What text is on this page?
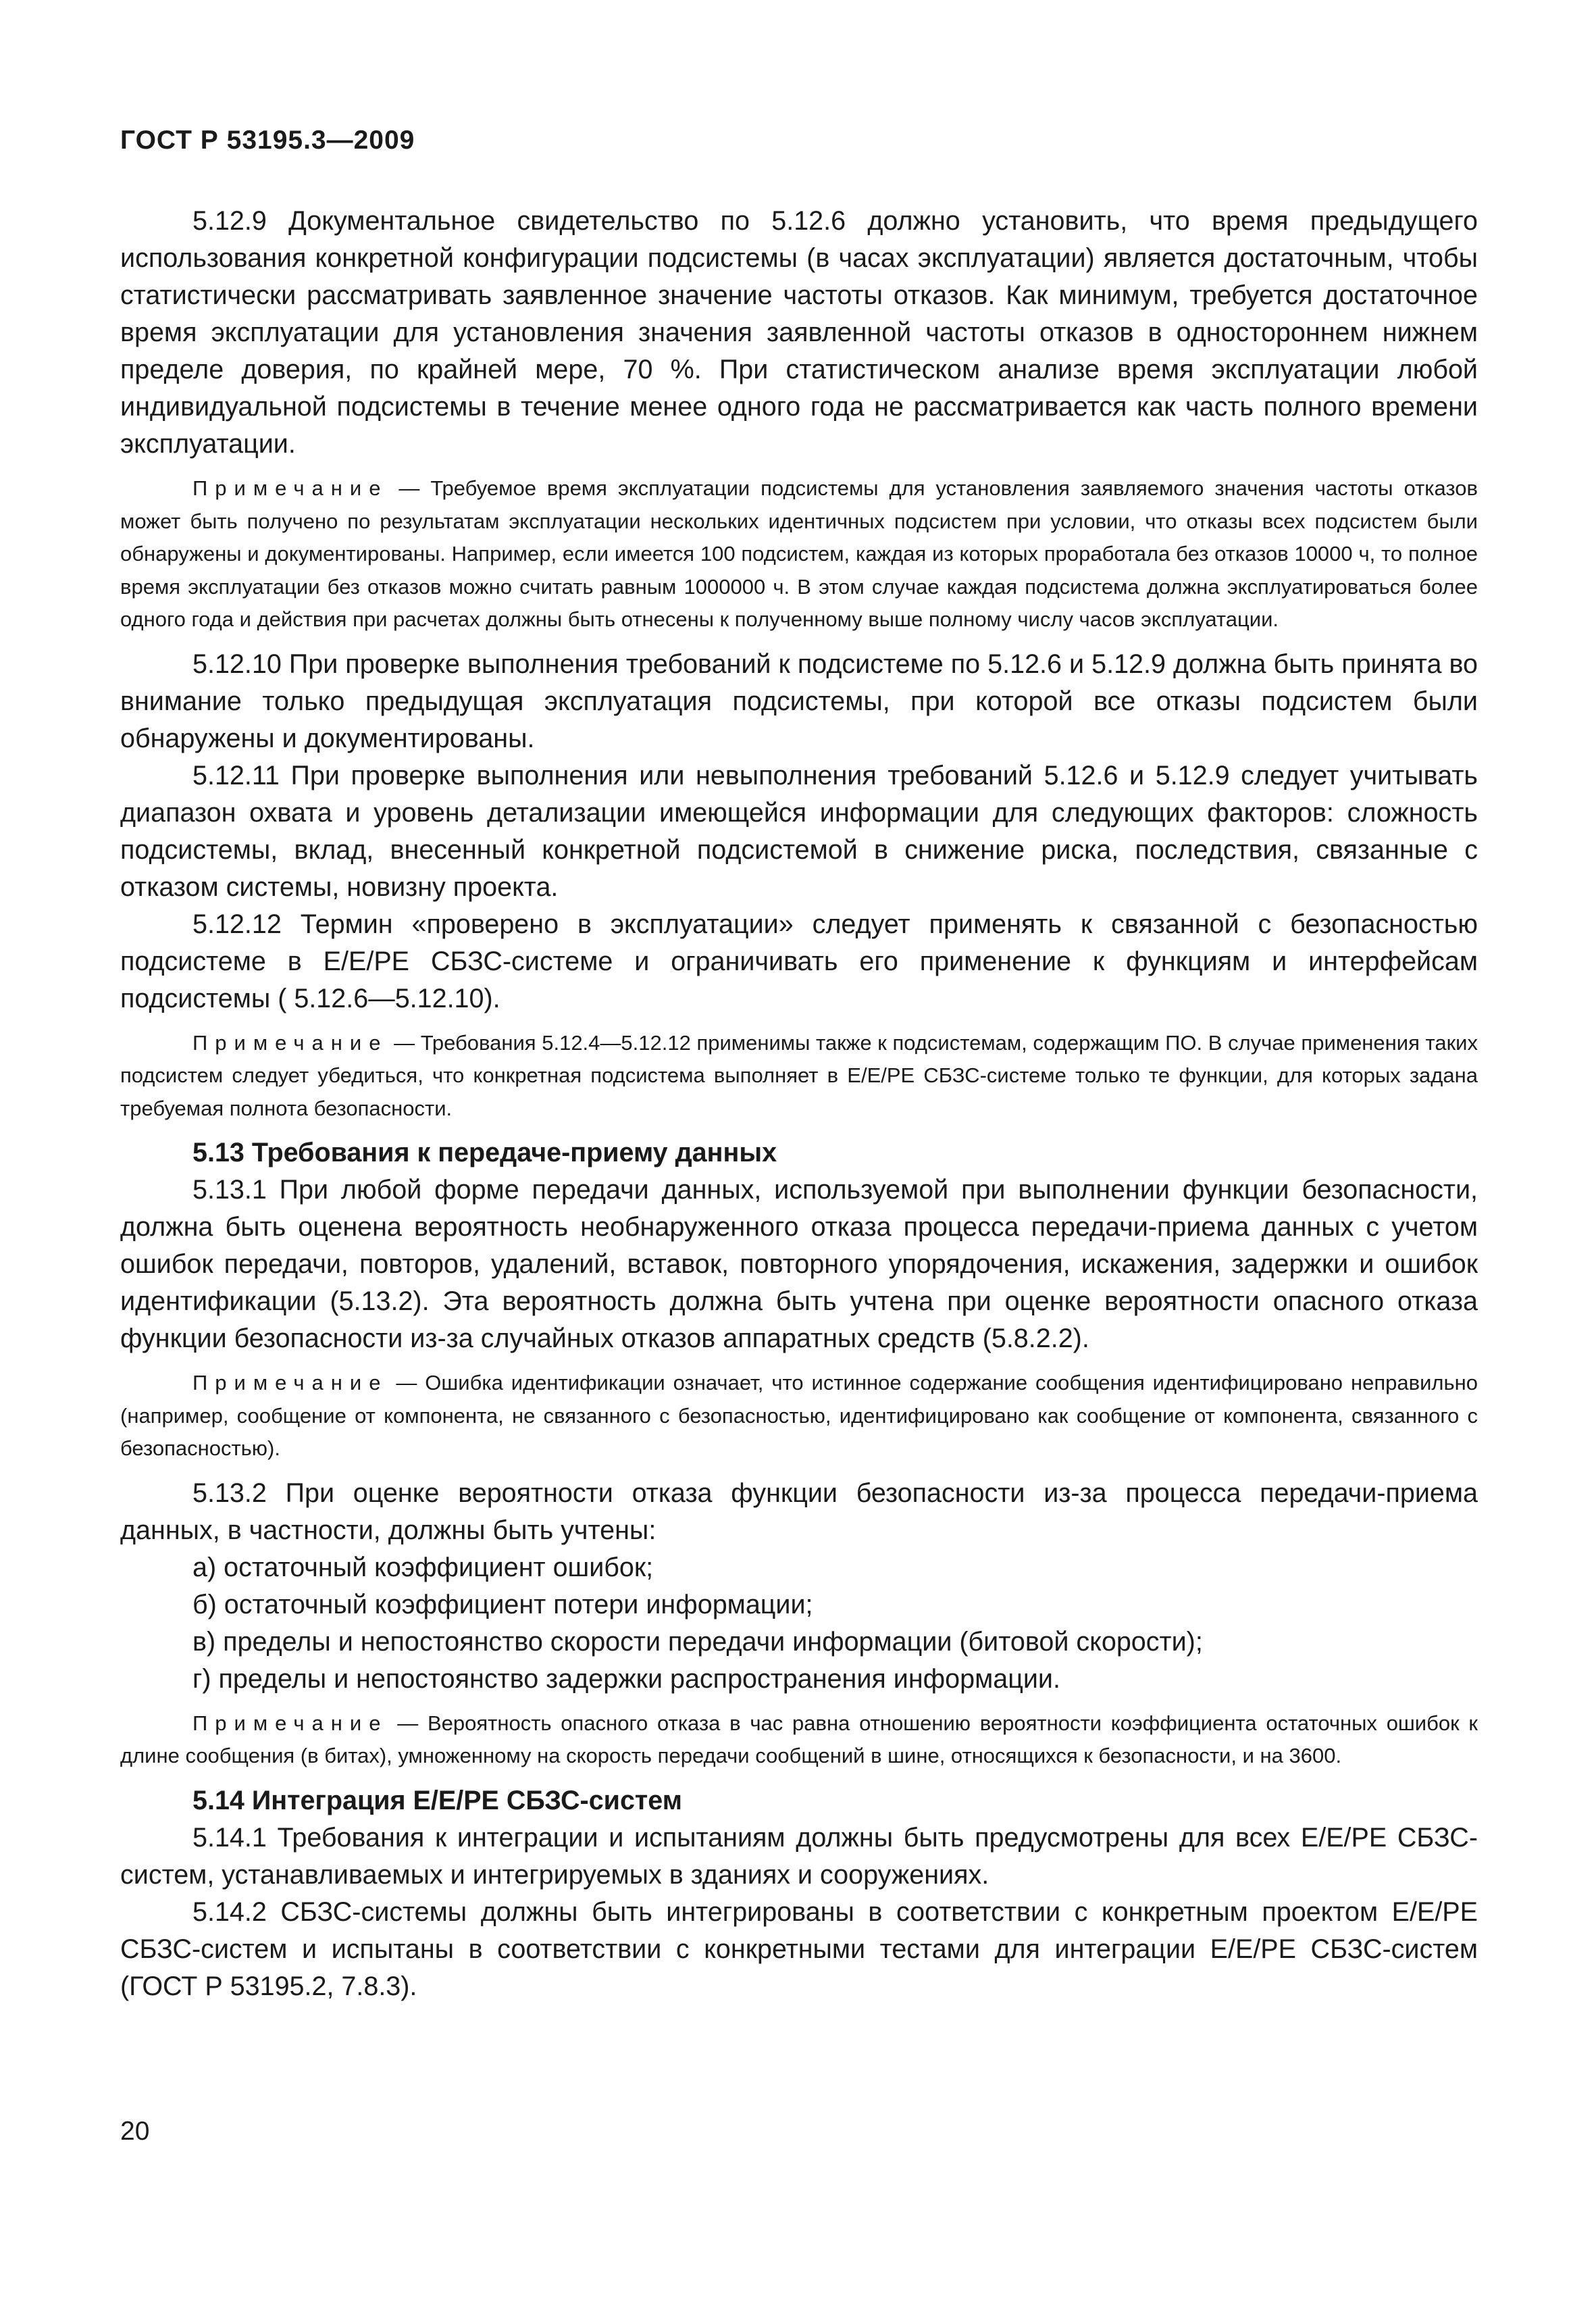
ГОСТ Р 53195.3—2009

5.12.9 Документальное свидетельство по 5.12.6 должно установить, что время предыдущего использования конкретной конфигурации подсистемы (в часах эксплуатации) является достаточным, чтобы статистически рассматривать заявленное значение частоты отказов. Как минимум, требуется достаточное время эксплуатации для установления значения заявленной частоты отказов в одностороннем нижнем пределе доверия, по крайней мере, 70 %. При статистическом анализе время эксплуатации любой индивидуальной подсистемы в течение менее одного года не рассматривается как часть полного времени эксплуатации.

Примечание — Требуемое время эксплуатации подсистемы для установления заявляемого значения частоты отказов может быть получено по результатам эксплуатации нескольких идентичных подсистем при условии, что отказы всех подсистем были обнаружены и документированы. Например, если имеется 100 подсистем, каждая из которых проработала без отказов 10000 ч, то полное время эксплуатации без отказов можно считать равным 1000000 ч. В этом случае каждая подсистема должна эксплуатироваться более одного года и действия при расчетах должны быть отнесены к полученному выше полному числу часов эксплуатации.

5.12.10 При проверке выполнения требований к подсистеме по 5.12.6 и 5.12.9 должна быть принята во внимание только предыдущая эксплуатация подсистемы, при которой все отказы подсистем были обнаружены и документированы.

5.12.11 При проверке выполнения или невыполнения требований 5.12.6 и 5.12.9 следует учитывать диапазон охвата и уровень детализации имеющейся информации для следующих факторов: сложность подсистемы, вклад, внесенный конкретной подсистемой в снижение риска, последствия, связанные с отказом системы, новизну проекта.

5.12.12 Термин «проверено в эксплуатации» следует применять к связанной с безопасностью подсистеме в Е/Е/РЕ СБЗС-системе и ограничивать его применение к функциям и интерфейсам подсистемы ( 5.12.6—5.12.10).

Примечание — Требования 5.12.4—5.12.12 применимы также к подсистемам, содержащим ПО. В случае применения таких подсистем следует убедиться, что конкретная подсистема выполняет в Е/Е/РЕ СБЗС-системе только те функции, для которых задана требуемая полнота безопасности.

5.13 Требования к передаче-приему данных

5.13.1 При любой форме передачи данных, используемой при выполнении функции безопасности, должна быть оценена вероятность необнаруженного отказа процесса передачи-приема данных с учетом ошибок передачи, повторов, удалений, вставок, повторного упорядочения, искажения, задержки и ошибок идентификации (5.13.2). Эта вероятность должна быть учтена при оценке вероятности опасного отказа функции безопасности из-за случайных отказов аппаратных средств (5.8.2.2).

Примечание — Ошибка идентификации означает, что истинное содержание сообщения идентифицировано неправильно (например, сообщение от компонента, не связанного с безопасностью, идентифицировано как сообщение от компонента, связанного с безопасностью).

5.13.2 При оценке вероятности отказа функции безопасности из-за процесса передачи-приема данных, в частности, должны быть учтены:

а) остаточный коэффициент ошибок;

б) остаточный коэффициент потери информации;

в) пределы и непостоянство скорости передачи информации (битовой скорости);

г) пределы и непостоянство задержки распространения информации.

Примечание — Вероятность опасного отказа в час равна отношению вероятности коэффициента остаточных ошибок к длине сообщения (в битах), умноженному на скорость передачи сообщений в шине, относящихся к безопасности, и на 3600.

5.14 Интеграция Е/Е/РЕ СБЗС-систем

5.14.1 Требования к интеграции и испытаниям должны быть предусмотрены для всех Е/Е/РЕ СБЗС-систем, устанавливаемых и интегрируемых в зданиях и сооружениях.

5.14.2 СБЗС-системы должны быть интегрированы в соответствии с конкретным проектом Е/Е/РЕ СБЗС-систем и испытаны в соответствии с конкретными тестами для интеграции Е/Е/РЕ СБЗС-систем (ГОСТ Р 53195.2, 7.8.3).

20
